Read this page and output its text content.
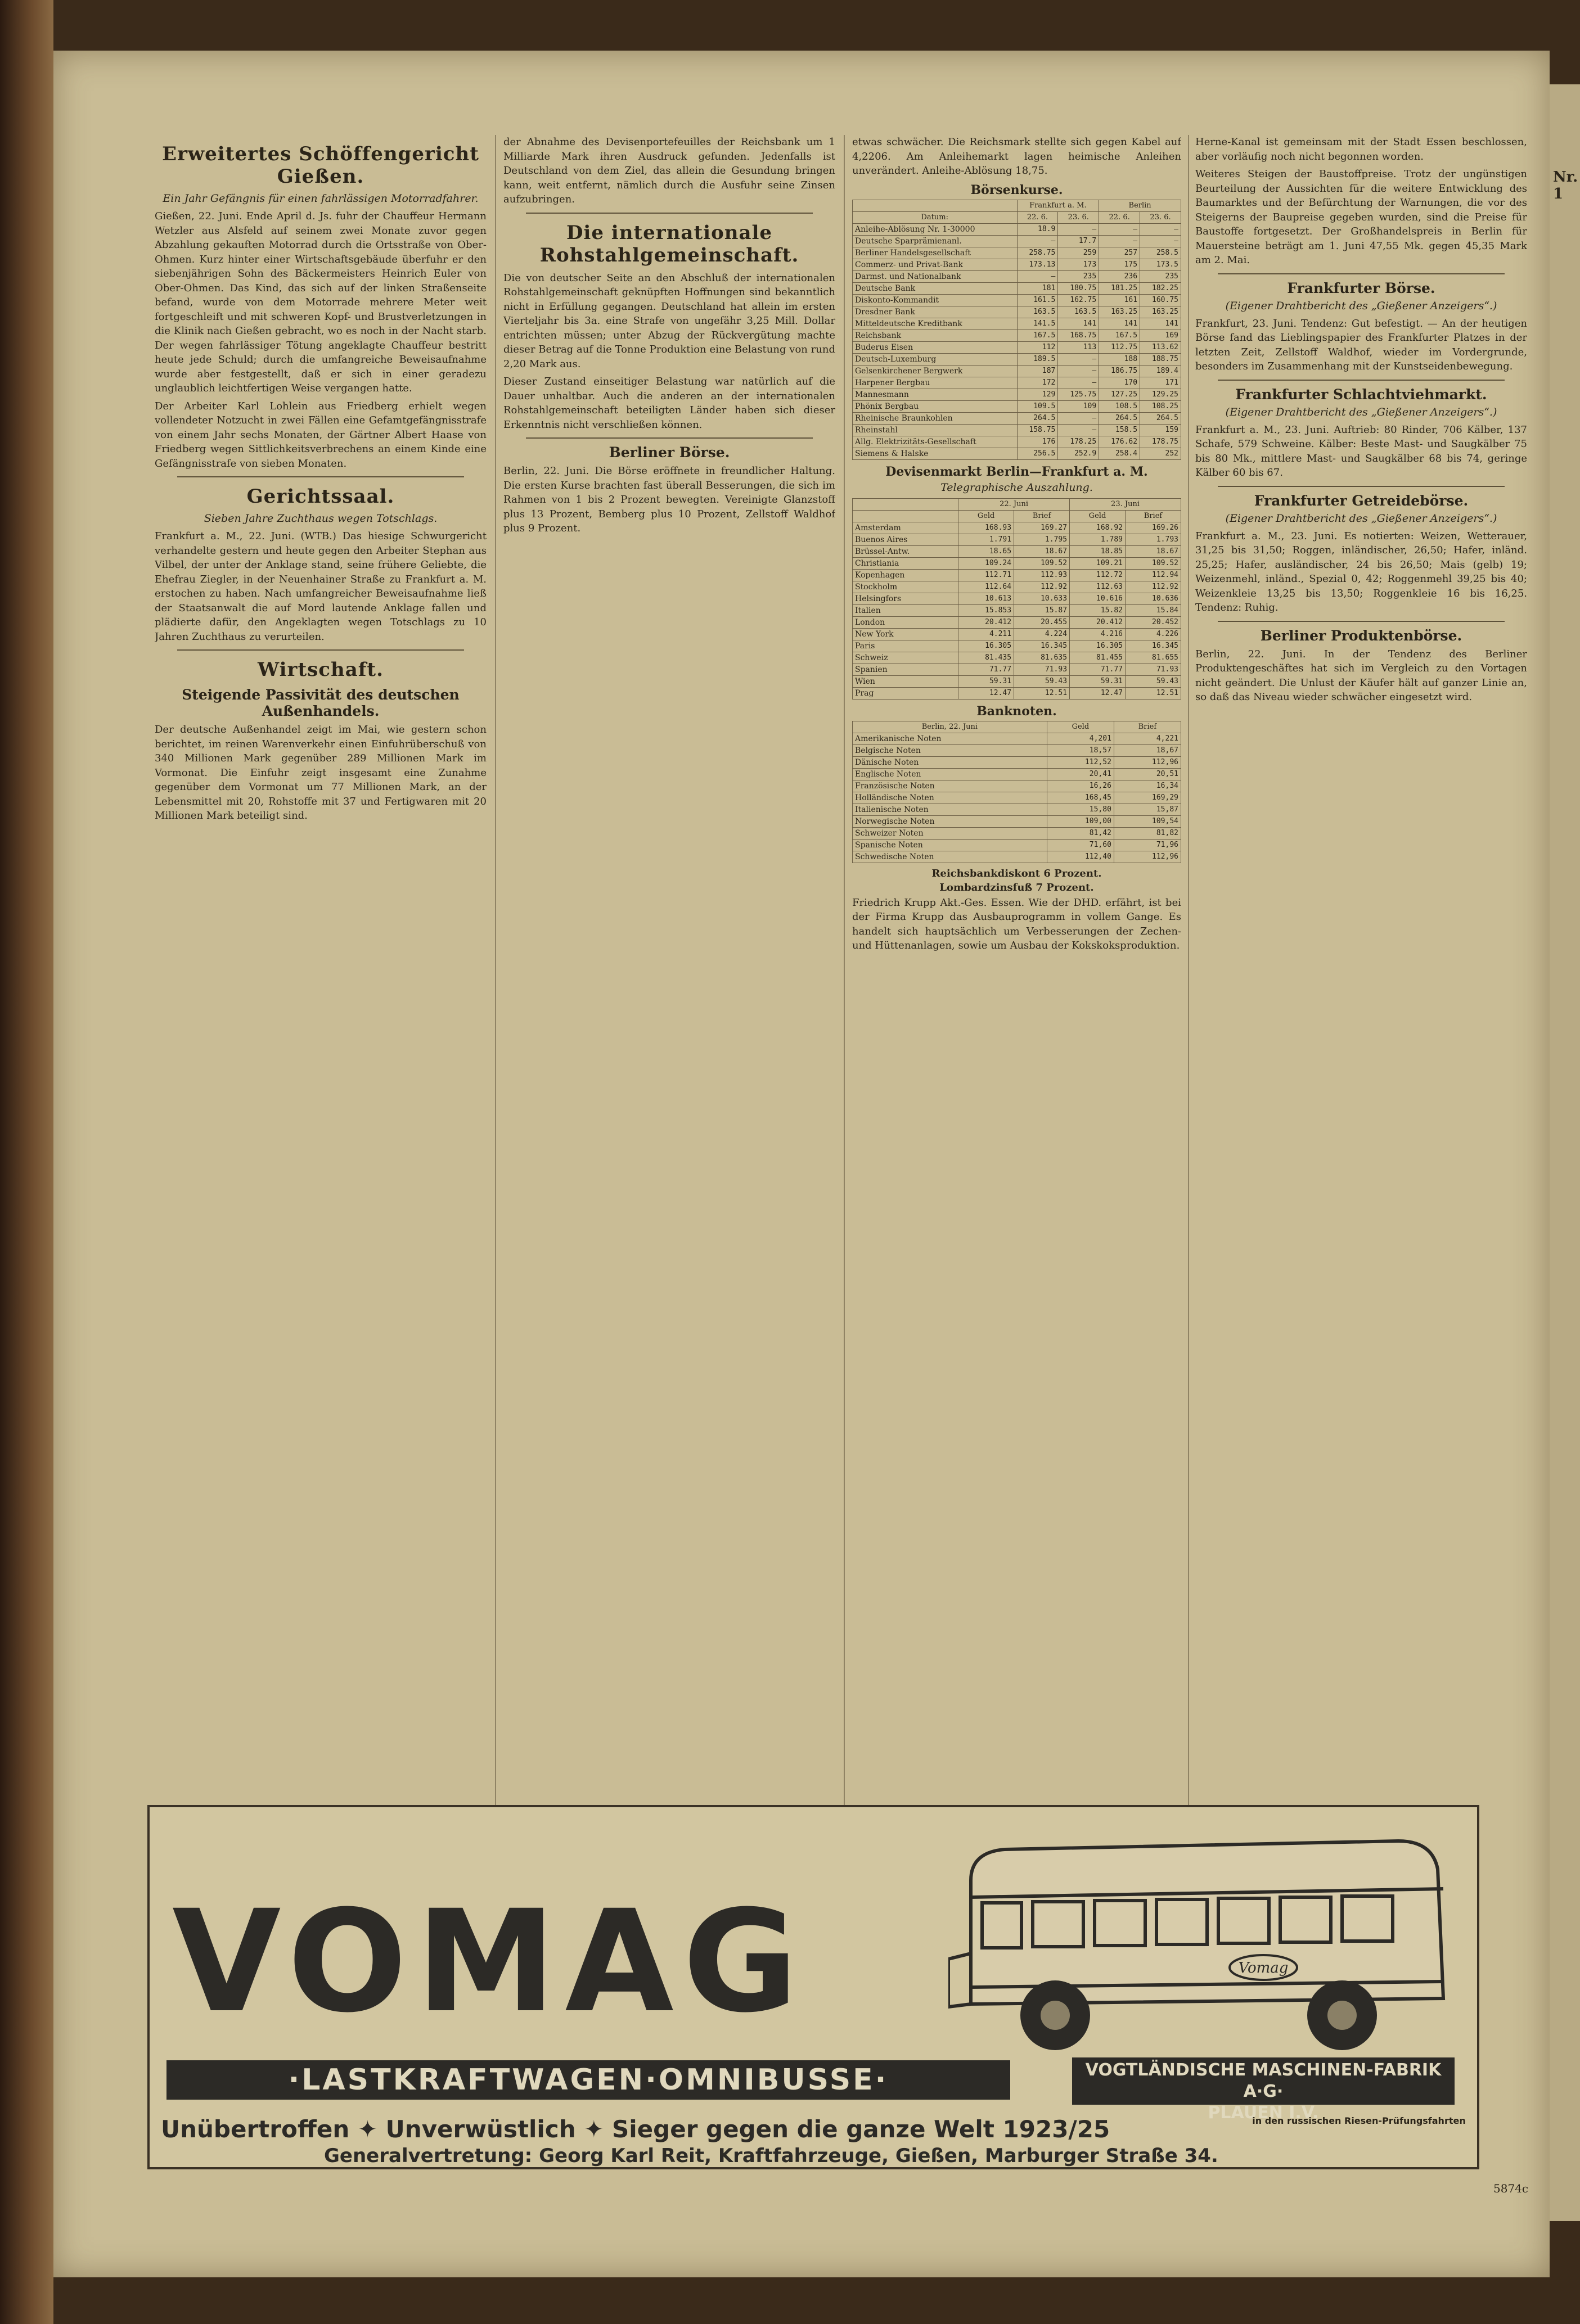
Erweitertes Schöffengericht Gießen.
Ein Jahr Gefängnis für einen fahrlässigen Motorradfahrer.

Gießen, 22. Juni. Ende April d. Js. fuhr der Chauffeur Hermann Wetzler aus Alsfeld auf seinem zwei Monate zuvor gegen Abzahlung gekauften Motorrad durch die Ortsstraße von Ober-Ohmen. Kurz hinter einer Wirtschaftsgebäude überfuhr er den siebenjährigen Sohn des Bäckermeisters Heinrich Euler von Ober-Ohmen. Das Kind, das sich auf der linken Straßenseite befand, wurde von dem Motorrade mehrere Meter weit fortgeschleift und mit schweren Kopf- und Brustverletzungen in die Klinik nach Gießen gebracht, wo es noch in der Nacht starb. Der wegen fahrlässiger Tötung angeklagte Chauffeur bestritt heute jede Schuld; durch die umfangreiche Beweisaufnahme wurde aber festgestellt, daß er sich in einer geradezu unglaublich leichtfertigen Weise vergangen hatte.

Der Arbeiter Karl Lohlein aus Friedberg erhielt wegen vollendeter Notzucht in zwei Fällen eine Gefamtgefängnisstrafe von einem Jahr sechs Monaten, der Gärtner Albert Haase von Friedberg wegen Sittlichkeitsverbrechens an einem Kinde eine Gefängnisstrafe von sieben Monaten.

Gerichtssaal.
Sieben Jahre Zuchthaus wegen Totschlags.

Frankfurt a. M., 22. Juni. (WTB.) Das hiesige Schwurgericht verhandelte gestern und heute gegen den Arbeiter Stephan aus Vilbel, der unter der Anklage stand, seine frühere Geliebte, die Ehefrau Ziegler, in der Neuenhainer Straße zu Frankfurt a. M. erstochen zu haben. Nach umfangreicher Beweisaufnahme ließ der Staatsanwalt die auf Mord lautende Anklage fallen und plädierte dafür, den Angeklagten wegen Totschlags zu 10 Jahren Zuchthaus zu verurteilen.

Wirtschaft.
Steigende Passivität des deutschen Außenhandels.

Der deutsche Außenhandel zeigt im Mai, wie gestern schon berichtet, im reinen Warenverkehr einen Einfuhrüberschuß von 340 Millionen Mark gegenüber 289 Millionen Mark im Vormonat. Die Einfuhr zeigt insgesamt eine Zunahme gegenüber dem Vormonat um 77 Millionen Mark, an der Lebensmittel mit 20, Rohstoffe mit 37 und Fertigwaren mit 20 Millionen Mark beteiligt sind.

der Abnahme des Devisenportefeuilles der Reichsbank um 1 Milliarde Mark ihren Ausdruck gefunden. Jedenfalls ist Deutschland von dem Ziel, das allein die Gesundung bringen kann, weit entfernt, nämlich durch die Ausfuhr seine Zinsen aufzubringen.

Die internationale Rohstahlgemeinschaft.

Die von deutscher Seite an den Abschluß der internationalen Rohstahlgemeinschaft geknüpften Hoffnungen sind bekanntlich nicht in Erfüllung gegangen. Deutschland hat allein im ersten Vierteljahr bis 3a. eine Strafe von ungefähr 3,25 Mill. Dollar entrichten müssen; unter Abzug der Rückvergütung machte dieser Betrag auf die Tonne Produktion eine Belastung von rund 2,20 Mark aus.

Dieser Zustand einseitiger Belastung war natürlich auf die Dauer unhaltbar. Auch die anderen an der internationalen Rohstahlgemeinschaft beteiligten Länder haben sich dieser Erkenntnis nicht verschließen können.

Berliner Börse.

Berlin, 22. Juni. Die Börse eröffnete in freundlicher Haltung. Die ersten Kurse brachten fast überall Besserungen, die sich im Rahmen von 1 bis 2 Prozent bewegten. Vereinigte Glanzstoff plus 13 Prozent, Bemberg plus 10 Prozent, Zellstoff Waldhof plus 9 Prozent.

etwas schwächer. Die Reichsmark stellte sich gegen Kabel auf 4,2206. Am Anleihemarkt lagen heimische Anleihen unverändert. Anleihe-Ablösung 18,75.

Börsenkurse.
	Frankfurt a. M.		Berlin	
Datum:	22. 6.	23. 6.	22. 6.	23. 6.
Anleihe-Ablösung Nr. 1-30000	18.9	—	—	—
Deutsche Sparprämienanl.	—	17.7	—	—
Berliner Handelsgesellschaft	258.75	259	257	258.5
Commerz- und Privat-Bank	173.13	173	175	173.5
Darmst. und Nationalbank	—	235	236	235
Deutsche Bank	181	180.75	181.25	182.25
Diskonto-Kommandit	161.5	162.75	161	160.75
Dresdner Bank	163.5	163.5	163.25	163.25
Mitteldeutsche Kreditbank	141.5	141	141	141
Reichsbank	167.5	168.75	167.5	169
Buderus Eisen	112	113	112.75	113.62
Deutsch-Luxemburg	189.5	—	188	188.75
Gelsenkirchener Bergwerk	187	—	186.75	189.4
Harpener Bergbau	172	—	170	171
Mannesmann	129	125.75	127.25	129.25
Phönix Bergbau	109.5	109	108.5	108.25
Rheinische Braunkohlen	264.5	—	264.5	264.5
Rheinstahl	158.75	—	158.5	159
Allg. Elektrizitäts-Gesellschaft	176	178.25	176.62	178.75
Siemens & Halske	256.5	252.9	258.4	252
Devisenmarkt Berlin—Frankfurt a. M.
Telegraphische Auszahlung.
	22. Juni		23. Juni	
	Geld	Brief	Geld	Brief
Amsterdam	168.93	169.27	168.92	169.26
Buenos Aires	1.791	1.795	1.789	1.793
Brüssel-Antw.	18.65	18.67	18.85	18.67
Christiania	109.24	109.52	109.21	109.52
Kopenhagen	112.71	112.93	112.72	112.94
Stockholm	112.64	112.92	112.63	112.92
Helsingfors	10.613	10.633	10.616	10.636
Italien	15.853	15.87	15.82	15.84
London	20.412	20.455	20.412	20.452
New York	4.211	4.224	4.216	4.226
Paris	16.305	16.345	16.305	16.345
Schweiz	81.435	81.635	81.455	81.655
Spanien	71.77	71.93	71.77	71.93
Wien	59.31	59.43	59.31	59.43
Prag	12.47	12.51	12.47	12.51
Banknoten.
Berlin, 22. Juni	Geld	Brief
Amerikanische Noten	4,201	4,221
Belgische Noten	18,57	18,67
Dänische Noten	112,52	112,96
Englische Noten	20,41	20,51
Französische Noten	16,26	16,34
Holländische Noten	168,45	169,29
Italienische Noten	15,80	15,87
Norwegische Noten	109,00	109,54
Schweizer Noten	81,42	81,82
Spanische Noten	71,60	71,96
Schwedische Noten	112,40	112,96
Reichsbankdiskont 6 Prozent.
Lombardzinsfuß 7 Prozent.

Friedrich Krupp Akt.-Ges. Essen. Wie der DHD. erfährt, ist bei der Firma Krupp das Ausbauprogramm in vollem Gange. Es handelt sich hauptsächlich um Verbesserungen der Zechen- und Hüttenanlagen, sowie um Ausbau der Kokskoksproduktion.

Herne-Kanal ist gemeinsam mit der Stadt Essen beschlossen, aber vorläufig noch nicht begonnen worden.

Weiteres Steigen der Baustoffpreise. Trotz der ungünstigen Beurteilung der Aussichten für die weitere Entwicklung des Baumarktes und der Befürchtung der Warnungen, die vor des Steigerns der Baupreise gegeben wurden, sind die Preise für Baustoffe fortgesetzt. Der Großhandelspreis in Berlin für Mauersteine beträgt am 1. Juni 47,55 Mk. gegen 45,35 Mark am 2. Mai.

Frankfurter Börse.
(Eigener Drahtbericht des „Gießener Anzeigers“.)

Frankfurt, 23. Juni. Tendenz: Gut befestigt. — An der heutigen Börse fand das Lieblingspapier des Frankfurter Platzes in der letzten Zeit, Zellstoff Waldhof, wieder im Vordergrunde, besonders im Zusammenhang mit der Kunstseidenbewegung.

Frankfurter Schlachtviehmarkt.
(Eigener Drahtbericht des „Gießener Anzeigers“.)

Frankfurt a. M., 23. Juni. Auftrieb: 80 Rinder, 706 Kälber, 137 Schafe, 579 Schweine. Kälber: Beste Mast- und Saugkälber 75 bis 80 Mk., mittlere Mast- und Saugkälber 68 bis 74, geringe Kälber 60 bis 67.

Frankfurter Getreidebörse.
(Eigener Drahtbericht des „Gießener Anzeigers“.)

Frankfurt a. M., 23. Juni. Es notierten: Weizen, Wetterauer, 31,25 bis 31,50; Roggen, inländischer, 26,50; Hafer, inländ. 25,25; Hafer, ausländischer, 24 bis 26,50; Mais (gelb) 19; Weizenmehl, inländ., Spezial 0, 42; Roggenmehl 39,25 bis 40; Weizenkleie 13,25 bis 13,50; Roggenkleie 16 bis 16,25. Tendenz: Ruhig.

Berliner Produktenbörse.

Berlin, 22. Juni. In der Tendenz des Berliner Produktengeschäftes hat sich im Vergleich zu den Vortagen nicht geändert. Die Unlust der Käufer hält auf ganzer Linie an, so daß das Niveau wieder schwächer eingesetzt wird.

VOMAG	Vomag
·LASTKRAFTWAGEN·OMNIBUSSE·	VOGTLÄNDISCHE MASCHINEN-FABRIK A·G·
PLAUEN I.V.
Unübertroffen ✦ Unverwüstlich ✦ Sieger gegen die ganze Welt 1923/25	in den russischen Riesen-Prüfungsfahrten
Generalvertretung: Georg Karl Reit, Kraftfahrzeuge, Gießen, Marburger Straße 34.
5874c
Nr. 1
